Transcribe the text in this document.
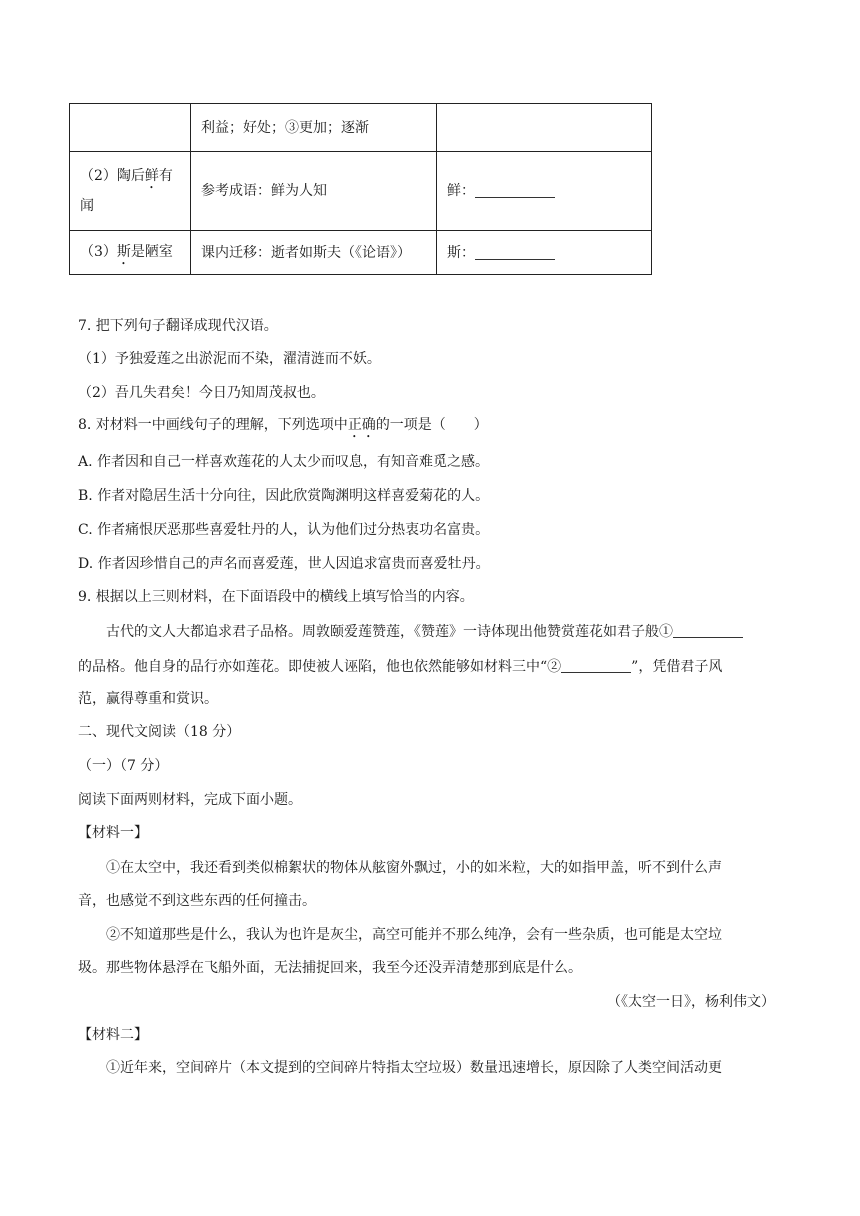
	利益；好处；③更加；逐渐	
（2）陶后鲜有闻	参考成语：鲜为人知	鲜：
（3）斯是陋室	课内迁移：逝者如斯夫（《论语》）	斯：
7. 把下列句子翻译成现代汉语。
（1）予独爱莲之出淤泥而不染，濯清涟而不妖。
（2）吾几失君矣！今日乃知周茂叔也。
8. 对材料一中画线句子的理解，下列选项中正确的一项是（　　）
A. 作者因和自己一样喜欢莲花的人太少而叹息，有知音难觅之感。
B. 作者对隐居生活十分向往，因此欣赏陶渊明这样喜爱菊花的人。
C. 作者痛恨厌恶那些喜爱牡丹的人，认为他们过分热衷功名富贵。
D. 作者因珍惜自己的声名而喜爱莲，世人因追求富贵而喜爱牡丹。
9. 根据以上三则材料，在下面语段中的横线上填写恰当的内容。
古代的文人大都追求君子品格。周敦颐爱莲赞莲，《赞莲》一诗体现出他赞赏莲花如君子般①
的品格。他自身的品行亦如莲花。即使被人诬陷，他也依然能够如材料三中“②	”，凭借君子风
范，赢得尊重和赏识。
二、现代文阅读（18 分）
（一）（7 分）
阅读下面两则材料，完成下面小题。
【材料一】
①在太空中，我还看到类似棉絮状的物体从舷窗外飘过，小的如米粒，大的如指甲盖，听不到什么声
音，也感觉不到这些东西的任何撞击。
②不知道那些是什么，我认为也许是灰尘，高空可能并不那么纯净，会有一些杂质，也可能是太空垃
圾。那些物体悬浮在飞船外面，无法捕捉回来，我至今还没弄清楚那到底是什么。
（《太空一日》，杨利伟文）
【材料二】
①近年来，空间碎片（本文提到的空间碎片特指太空垃圾）数量迅速增长，原因除了人类空间活动更
